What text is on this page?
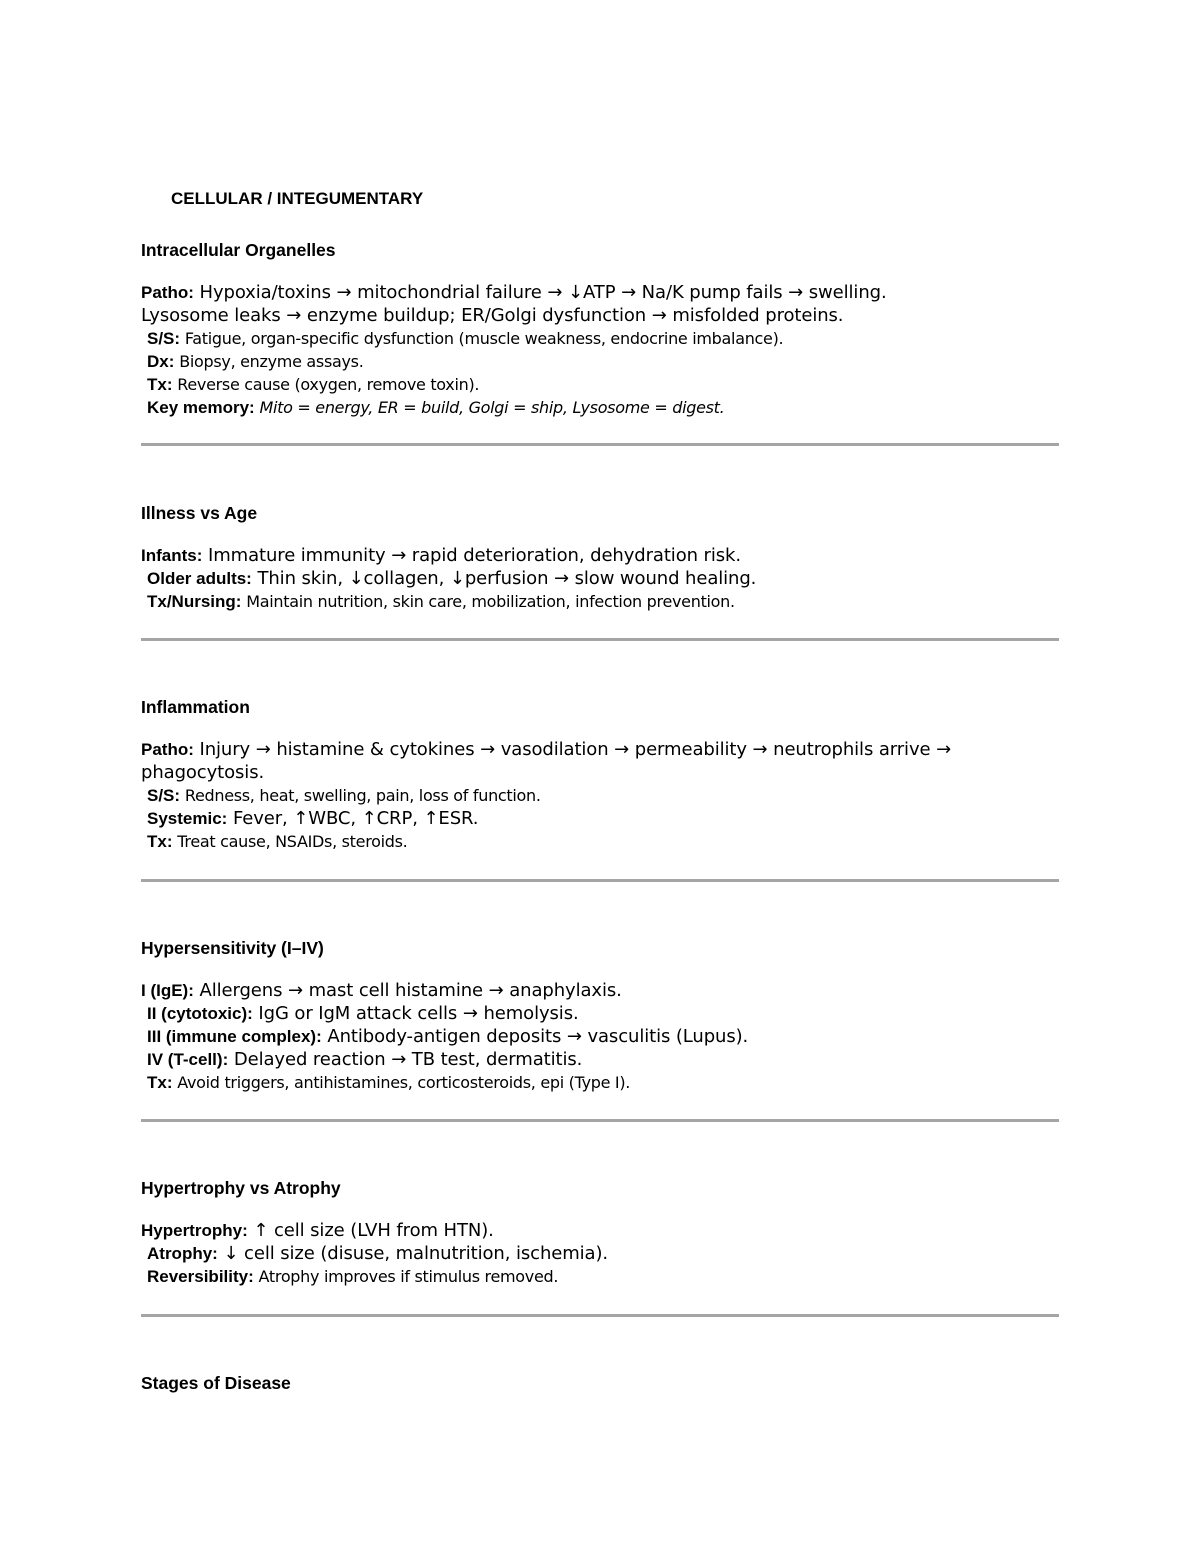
CELLULAR / INTEGUMENTARY
Intracellular Organelles
Patho: Hypoxia/toxins → mitochondrial failure → ↓ATP → Na/K pump fails → swelling.
Lysosome leaks → enzyme buildup; ER/Golgi dysfunction → misfolded proteins.
S/S: Fatigue, organ-specific dysfunction (muscle weakness, endocrine imbalance).
Dx: Biopsy, enzyme assays.
Tx: Reverse cause (oxygen, remove toxin).
Key memory: Mito = energy, ER = build, Golgi = ship, Lysosome = digest.
Illness vs Age
Infants: Immature immunity → rapid deterioration, dehydration risk.
Older adults: Thin skin, ↓collagen, ↓perfusion → slow wound healing.
Tx/Nursing: Maintain nutrition, skin care, mobilization, infection prevention.
Inflammation
Patho: Injury → histamine & cytokines → vasodilation → permeability → neutrophils arrive →
phagocytosis.
S/S: Redness, heat, swelling, pain, loss of function.
Systemic: Fever, ↑WBC, ↑CRP, ↑ESR.
Tx: Treat cause, NSAIDs, steroids.
Hypersensitivity (I–IV)
I (IgE): Allergens → mast cell histamine → anaphylaxis.
II (cytotoxic): IgG or IgM attack cells → hemolysis.
III (immune complex): Antibody-antigen deposits → vasculitis (Lupus).
IV (T-cell): Delayed reaction → TB test, dermatitis.
Tx: Avoid triggers, antihistamines, corticosteroids, epi (Type I).
Hypertrophy vs Atrophy
Hypertrophy: ↑ cell size (LVH from HTN).
Atrophy: ↓ cell size (disuse, malnutrition, ischemia).
Reversibility: Atrophy improves if stimulus removed.
Stages of Disease
